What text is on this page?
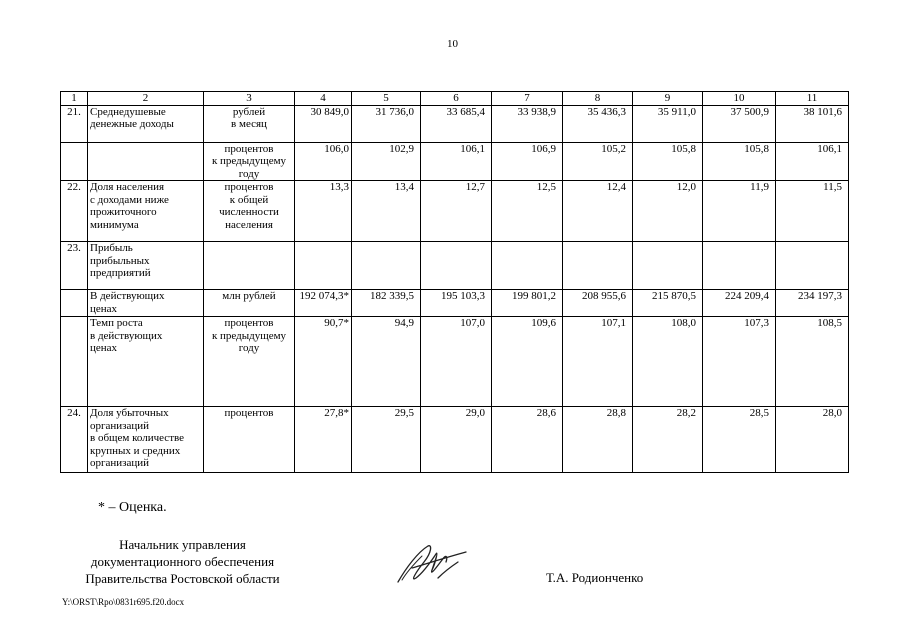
10
1	2	3	4	5	6	7	8	9	10	11
21.	Среднедушевые
денежные доходы	рублей
в месяц	30 849,0	31 736,0	33 685,4	33 938,9	35 436,3	35 911,0	37 500,9	38 101,6
		процентов
к предыдущему
году	106,0	102,9	106,1	106,9	105,2	105,8	105,8	106,1
22.	Доля населения
с доходами ниже
прожиточного
минимума	процентов
к общей
численности
населения	13,3	13,4	12,7	12,5	12,4	12,0	11,9	11,5
23.	Прибыль
прибыльных
предприятий									
	В действующих
ценах	млн рублей	192 074,3*	182 339,5	195 103,3	199 801,2	208 955,6	215 870,5	224 209,4	234 197,3
	Темп роста
в действующих
ценах	процентов
к предыдущему
году	90,7*	94,9	107,0	109,6	107,1	108,0	107,3	108,5
24.	Доля убыточных
организаций
в общем количестве
крупных и средних
организаций	процентов	27,8*	29,5	29,0	28,6	28,8	28,2	28,5	28,0
* – Оценка.
Начальник управления
документационного обеспечения
Правительства Ростовской области	Т.А. Родионченко
Y:\ORST\Rpo\0831r695.f20.docx
